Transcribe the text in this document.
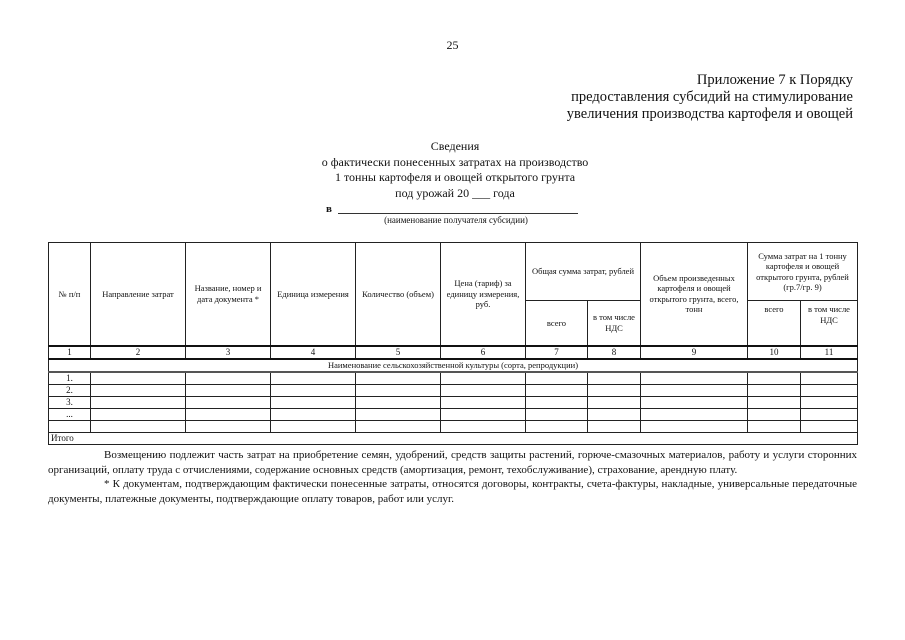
25
Приложение 7 к Порядку
предоставления субсидий на стимулирование
увеличения производства картофеля и овощей
Сведения
о фактически понесенных затратах на производство
1 тонны картофеля и овощей открытого грунта
под урожай 20 ___ года
в
(наименование получателя субсидии)
№ п/п	Направление затрат	Название, номер и дата документа *	Единица измерения	Количество (объем)	Цена (тариф) за единицу измерения, руб.	Общая сумма затрат, рублей		Объем произведенных картофеля и овощей открытого грунта, всего, тонн	Сумма затрат на 1 тонну картофеля и овощей открытого грунта, рублей (гр.7/гр. 9)	
						всего	в том числе НДС		всего	в том числе НДС
1	2	3	4	5	6	7	8	9	10	11
Наименование сельскохозяйственной культуры (сорта, репродукции)										
1.										
2.										
3.										
...										

Итого										

Возмещению подлежит часть затрат на приобретение семян, удобрений, средств защиты растений, горюче-смазочных материалов, работу и услуги сторонних организаций, оплату труда с отчислениями, содержание основных средств (амортизация, ремонт, техобслуживание), страхование, арендную плату.

* К документам, подтверждающим фактически понесенные затраты, относятся договоры, контракты, счета-фактуры, накладные, универсальные передаточные документы, платежные документы, подтверждающие оплату товаров, работ или услуг.
